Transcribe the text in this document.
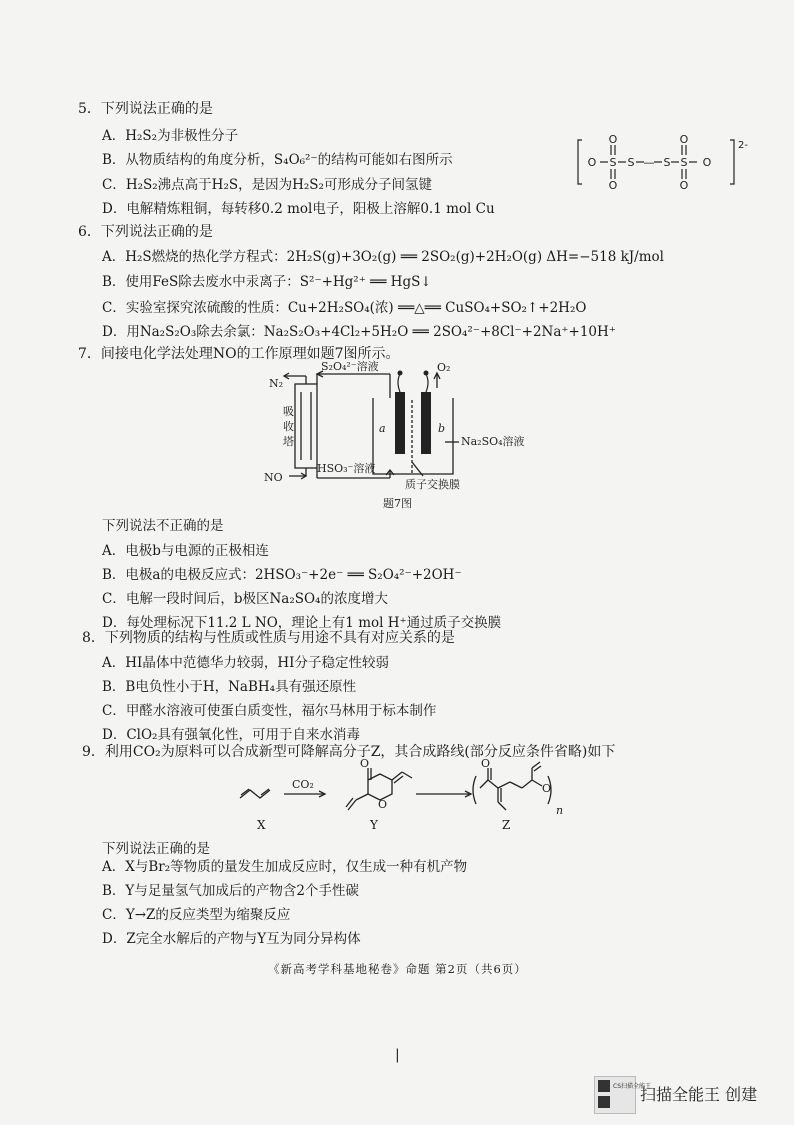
5．下列说法正确的是
A．H₂S₂为非极性分子
B．从物质结构的角度分析，S₄O₆²⁻的结构可能如右图所示
C．H₂S₂沸点高于H₂S，是因为H₂S₂可形成分子间氢键
D．电解精炼粗铜，每转移0.2 mol电子，阳极上溶解0.1 mol Cu
O S
O
O
S	S S
O
O
O
—
2-
6．下列说法正确的是
A．H₂S燃烧的热化学方程式：2H₂S(g)+3O₂(g) ══ 2SO₂(g)+2H₂O(g) ΔH=−518 kJ/mol
B．使用FeS除去废水中汞离子：S²⁻+Hg²⁺ ══ HgS↓
C．实验室探究浓硫酸的性质：Cu+2H₂SO₄(浓) ══△══ CuSO₄+SO₂↑+2H₂O
D．用Na₂S₂O₃除去余氯：Na₂S₂O₃+4Cl₂+5H₂O ══ 2SO₄²⁻+8Cl⁻+2Na⁺+10H⁺
7．间接电化学法处理NO的工作原理如题7图所示。
N₂
O₂
S₂O₄²⁻溶液
HSO₃⁻溶液
NO
a	b
Na₂SO₄溶液
质子交换膜
吸收塔
题7图
下列说法不正确的是
A．电极b与电源的正极相连
B．电极a的电极反应式：2HSO₃⁻+2e⁻ ══ S₂O₄²⁻+2OH⁻
C．电解一段时间后，b极区Na₂SO₄的浓度增大
D．每处理标况下11.2 L NO，理论上有1 mol H⁺通过质子交换膜
8．下列物质的结构与性质或性质与用途不具有对应关系的是
A．HI晶体中范德华力较弱，HI分子稳定性较弱
B．B电负性小于H，NaBH₄具有强还原性
C．甲醛水溶液可使蛋白质变性，福尔马林用于标本制作
D．ClO₂具有强氧化性，可用于自来水消毒
9．利用CO₂为原料可以合成新型可降解高分子Z，其合成路线(部分反应条件省略)如下
O
O
O
O
CO₂
n
X	Y	Z
下列说法正确的是
A．X与Br₂等物质的量发生加成反应时，仅生成一种有机产物
B．Y与足量氢气加成后的产物含2个手性碳
C．Y→Z的反应类型为缩聚反应
D．Z完全水解后的产物与Y互为同分异构体
《新高考学科基地秘卷》命题 第2页（共6页）
|
CS扫描全能王
扫描全能王 创建
